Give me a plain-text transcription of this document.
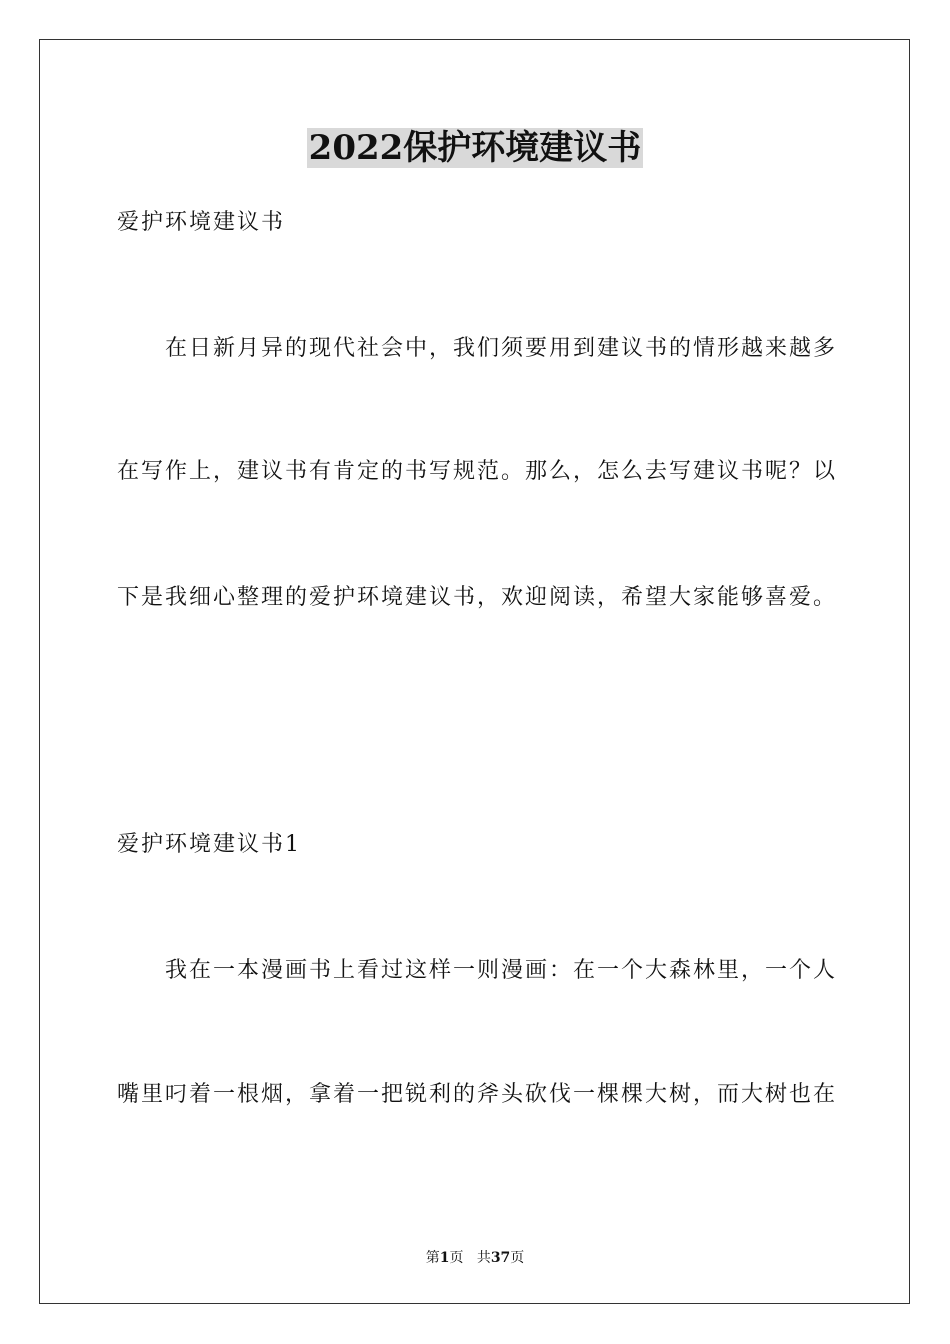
2022保护环境建议书
爱护环境建议书
在日新月异的现代社会中，我们须要用到建议书的情形越来越多
在写作上，建议书有肯定的书写规范。那么，怎么去写建议书呢？以
下是我细心整理的爱护环境建议书，欢迎阅读，希望大家能够喜爱。
爱护环境建议书1
我在一本漫画书上看过这样一则漫画：在一个大森林里，一个人
嘴里叼着一根烟，拿着一把锐利的斧头砍伐一棵棵大树，而大树也在
第1页 共37页
